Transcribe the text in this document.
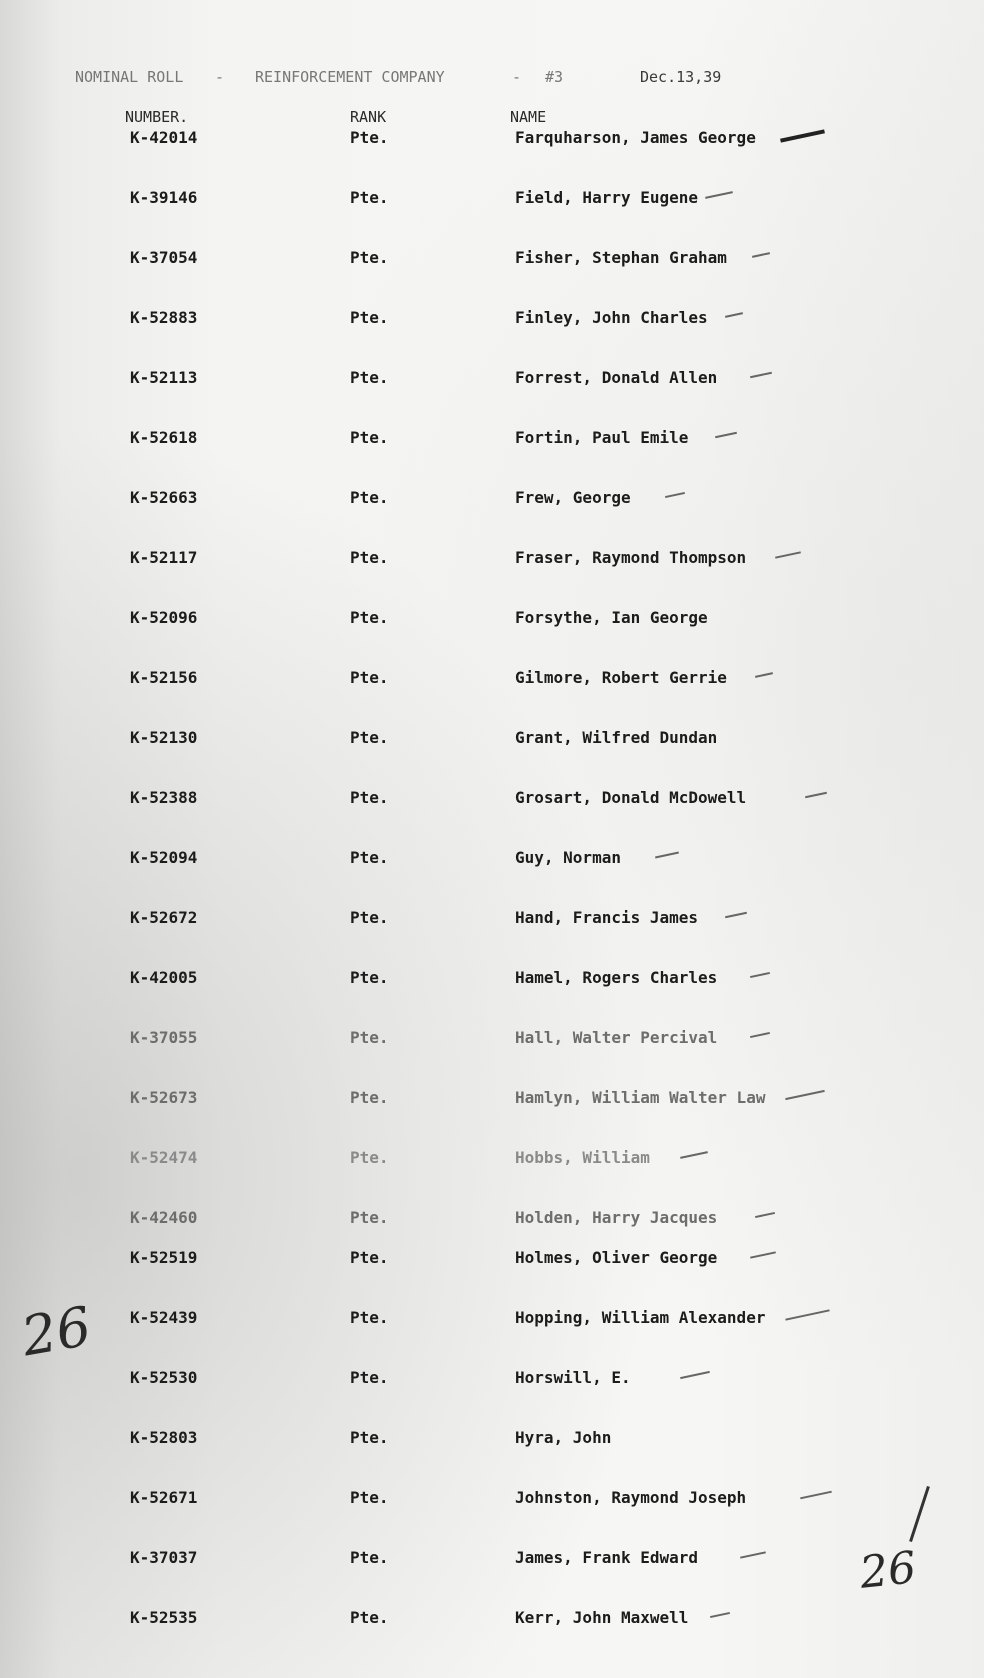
NOMINAL ROLL - REINFORCEMENT COMPANY	- #3	Dec.13,39
NUMBER.	RANK	NAME
K-42014	Pte.	Farquharson, James George
K-39146	Pte.	Field, Harry Eugene
K-37054	Pte.	Fisher, Stephan Graham
K-52883	Pte.	Finley, John Charles
K-52113	Pte.	Forrest, Donald Allen
K-52618	Pte.	Fortin, Paul Emile
K-52663	Pte.	Frew, George
K-52117	Pte.	Fraser, Raymond Thompson
K-52096	Pte.	Forsythe, Ian George
K-52156	Pte.	Gilmore, Robert Gerrie
K-52130	Pte.	Grant, Wilfred Dundan
K-52388	Pte.	Grosart, Donald McDowell
K-52094	Pte.	Guy, Norman
K-52672	Pte.	Hand, Francis James
K-42005	Pte.	Hamel, Rogers Charles
K-37055	Pte.	Hall, Walter Percival
K-52673	Pte.	Hamlyn, William Walter Law
K-52474	Pte.	Hobbs, William
K-42460	Pte.	Holden, Harry Jacques
K-52519	Pte.	Holmes, Oliver George
K-52439	Pte.	Hopping, William Alexander
K-52530	Pte.	Horswill, E.
K-52803	Pte.	Hyra, John
K-52671	Pte.	Johnston, Raymond Joseph
K-37037	Pte.	James, Frank Edward
K-52535	Pte.	Kerr, John Maxwell
26
26
